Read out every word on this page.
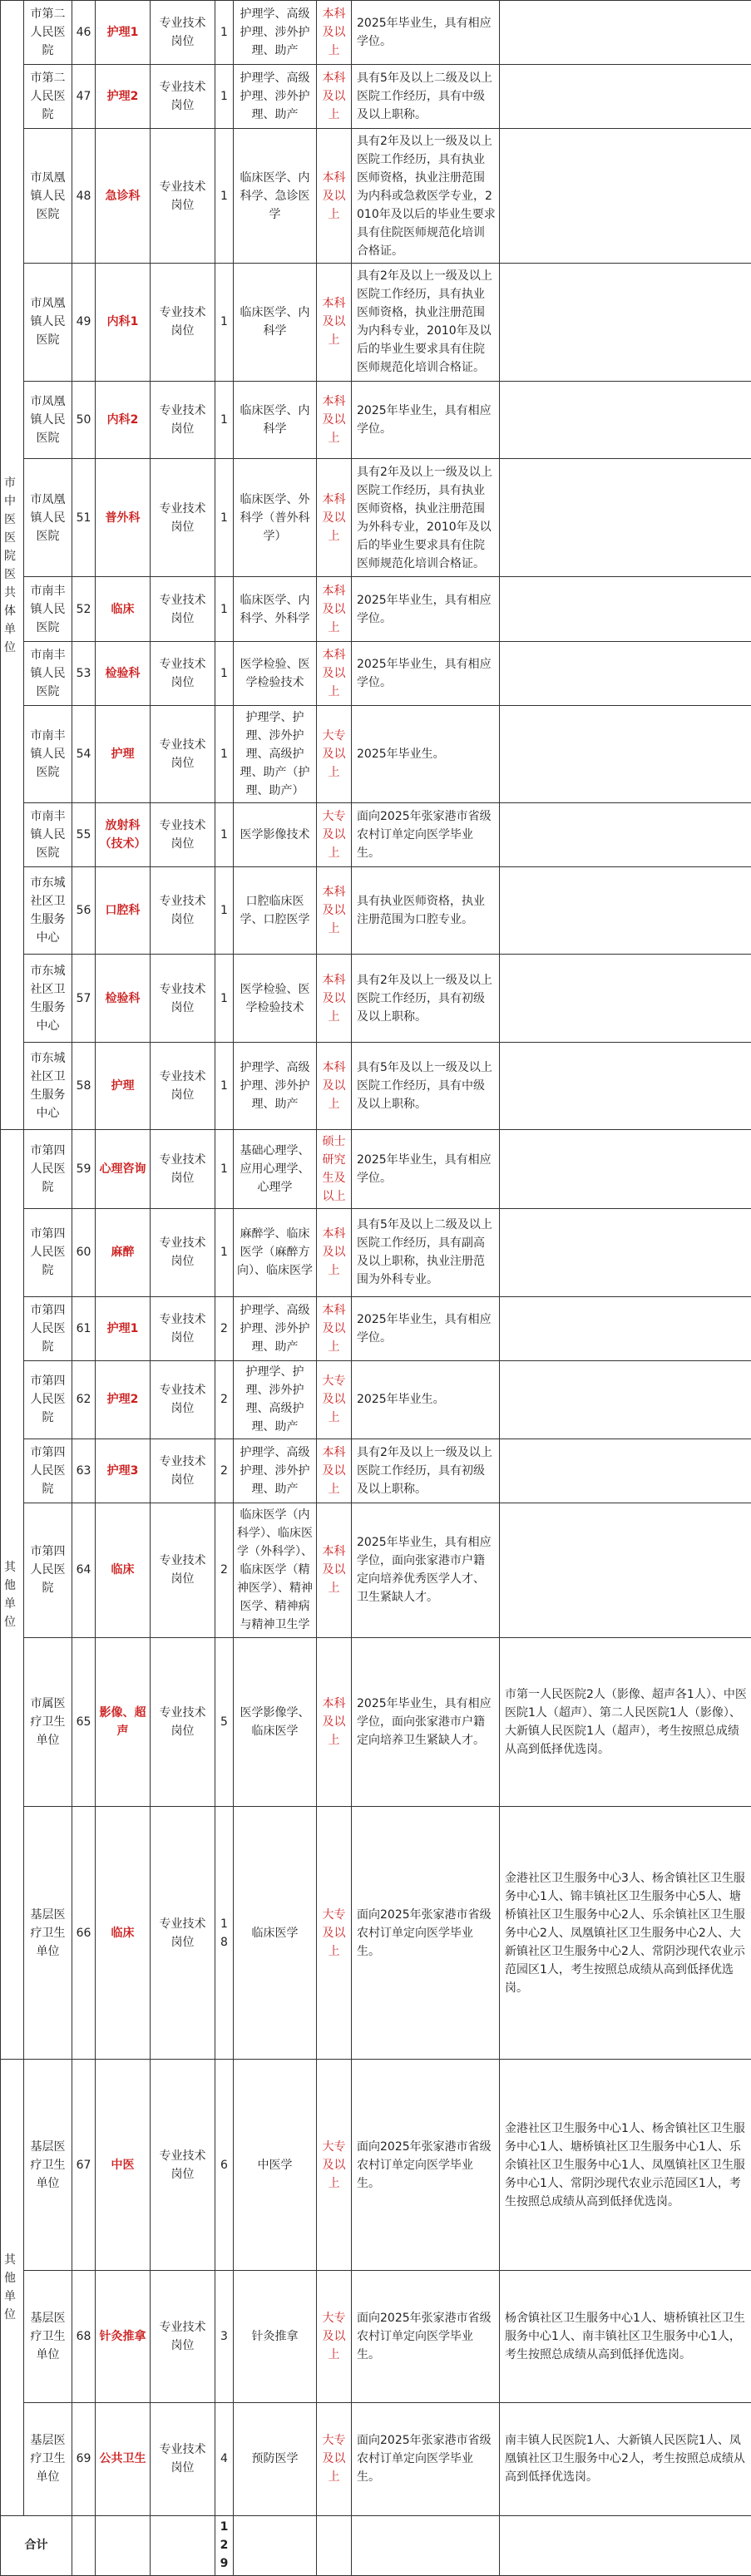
市中医医院医共体单位	市第二人民医院	46	护理1	专业技术岗位	1	护理学、高级护理、涉外护理、助产	本科及以上	2025年毕业生，具有相应学位。	
	市第二人民医院	47	护理2	专业技术岗位	1	护理学、高级护理、涉外护理、助产	本科及以上	具有5年及以上二级及以上医院工作经历，具有中级及以上职称。	
	市凤凰镇人民医院	48	急诊科	专业技术岗位	1	临床医学、内科学、急诊医学	本科及以上	具有2年及以上一级及以上医院工作经历，具有执业医师资格，执业注册范围为内科或急救医学专业，2010年及以后的毕业生要求具有住院医师规范化培训合格证。	
	市凤凰镇人民医院	49	内科1	专业技术岗位	1	临床医学、内科学	本科及以上	具有2年及以上一级及以上医院工作经历，具有执业医师资格，执业注册范围为内科专业，2010年及以后的毕业生要求具有住院医师规范化培训合格证。	
	市凤凰镇人民医院	50	内科2	专业技术岗位	1	临床医学、内科学	本科及以上	2025年毕业生，具有相应学位。	
	市凤凰镇人民医院	51	普外科	专业技术岗位	1	临床医学、外科学（普外科学）	本科及以上	具有2年及以上一级及以上医院工作经历，具有执业医师资格，执业注册范围为外科专业，2010年及以后的毕业生要求具有住院医师规范化培训合格证。	
	市南丰镇人民医院	52	临床	专业技术岗位	1	临床医学、内科学、外科学	本科及以上	2025年毕业生，具有相应学位。	
	市南丰镇人民医院	53	检验科	专业技术岗位	1	医学检验、医学检验技术	本科及以上	2025年毕业生，具有相应学位。	
	市南丰镇人民医院	54	护理	专业技术岗位	1	护理学、护理、涉外护理、高级护理、助产（护理、助产）	大专及以上	2025年毕业生。	
	市南丰镇人民医院	55	放射科（技术）	专业技术岗位	1	医学影像技术	大专及以上	面向2025年张家港市省级农村订单定向医学毕业生。	
	市东城社区卫生服务中心	56	口腔科	专业技术岗位	1	口腔临床医学、口腔医学	本科及以上	具有执业医师资格，执业注册范围为口腔专业。	
	市东城社区卫生服务中心	57	检验科	专业技术岗位	1	医学检验、医学检验技术	本科及以上	具有2年及以上一级及以上医院工作经历，具有初级及以上职称。	
	市东城社区卫生服务中心	58	护理	专业技术岗位	1	护理学、高级护理、涉外护理、助产	本科及以上	具有5年及以上一级及以上医院工作经历，具有中级及以上职称。	
其他单位	市第四人民医院	59	心理咨询	专业技术岗位	1	基础心理学、应用心理学、心理学	硕士研究生及以上	2025年毕业生，具有相应学位。	
	市第四人民医院	60	麻醉	专业技术岗位	1	麻醉学、临床医学（麻醉方向）、临床医学	本科及以上	具有5年及以上二级及以上医院工作经历，具有副高及以上职称，执业注册范围为外科专业。	
	市第四人民医院	61	护理1	专业技术岗位	2	护理学、高级护理、涉外护理、助产	本科及以上	2025年毕业生，具有相应学位。	
	市第四人民医院	62	护理2	专业技术岗位	2	护理学、护理、涉外护理、高级护理、助产	大专及以上	2025年毕业生。	
	市第四人民医院	63	护理3	专业技术岗位	2	护理学、高级护理、涉外护理、助产	本科及以上	具有2年及以上一级及以上医院工作经历，具有初级及以上职称。	
	市第四人民医院	64	临床	专业技术岗位	2	临床医学（内科学）、临床医学（外科学）、临床医学（精神医学）、精神医学、精神病与精神卫生学	本科及以上	2025年毕业生，具有相应学位，面向张家港市户籍定向培养优秀医学人才、卫生紧缺人才。	
	市属医疗卫生单位	65	影像、超声	专业技术岗位	5	医学影像学、临床医学	本科及以上	2025年毕业生，具有相应学位，面向张家港市户籍定向培养卫生紧缺人才。	市第一人民医院2人（影像、超声各1人）、中医医院1人（超声）、第二人民医院1人（影像）、大新镇人民医院1人（超声），考生按照总成绩从高到低择优选岗。
	基层医疗卫生单位	66	临床	专业技术岗位	18	临床医学	大专及以上	面向2025年张家港市省级农村订单定向医学毕业生。	金港社区卫生服务中心3人、杨舍镇社区卫生服务中心1人、锦丰镇社区卫生服务中心5人、塘桥镇社区卫生服务中心2人、乐余镇社区卫生服务中心2人、凤凰镇社区卫生服务中心2人、大新镇社区卫生服务中心2人、常阴沙现代农业示范园区1人，考生按照总成绩从高到低择优选岗。
其他单位	基层医疗卫生单位	67	中医	专业技术岗位	6	中医学	大专及以上	面向2025年张家港市省级农村订单定向医学毕业生。	金港社区卫生服务中心1人、杨舍镇社区卫生服务中心1人、塘桥镇社区卫生服务中心1人、乐余镇社区卫生服务中心1人、凤凰镇社区卫生服务中心1人、常阴沙现代农业示范园区1人，考生按照总成绩从高到低择优选岗。
	基层医疗卫生单位	68	针灸推拿	专业技术岗位	3	针灸推拿	大专及以上	面向2025年张家港市省级农村订单定向医学毕业生。	杨舍镇社区卫生服务中心1人、塘桥镇社区卫生服务中心1人、南丰镇社区卫生服务中心1人，考生按照总成绩从高到低择优选岗。
	基层医疗卫生单位	69	公共卫生	专业技术岗位	4	预防医学	大专及以上	面向2025年张家港市省级农村订单定向医学毕业生。	南丰镇人民医院1人、大新镇人民医院1人、凤凰镇社区卫生服务中心2人，考生按照总成绩从高到低择优选岗。
合计					129				
